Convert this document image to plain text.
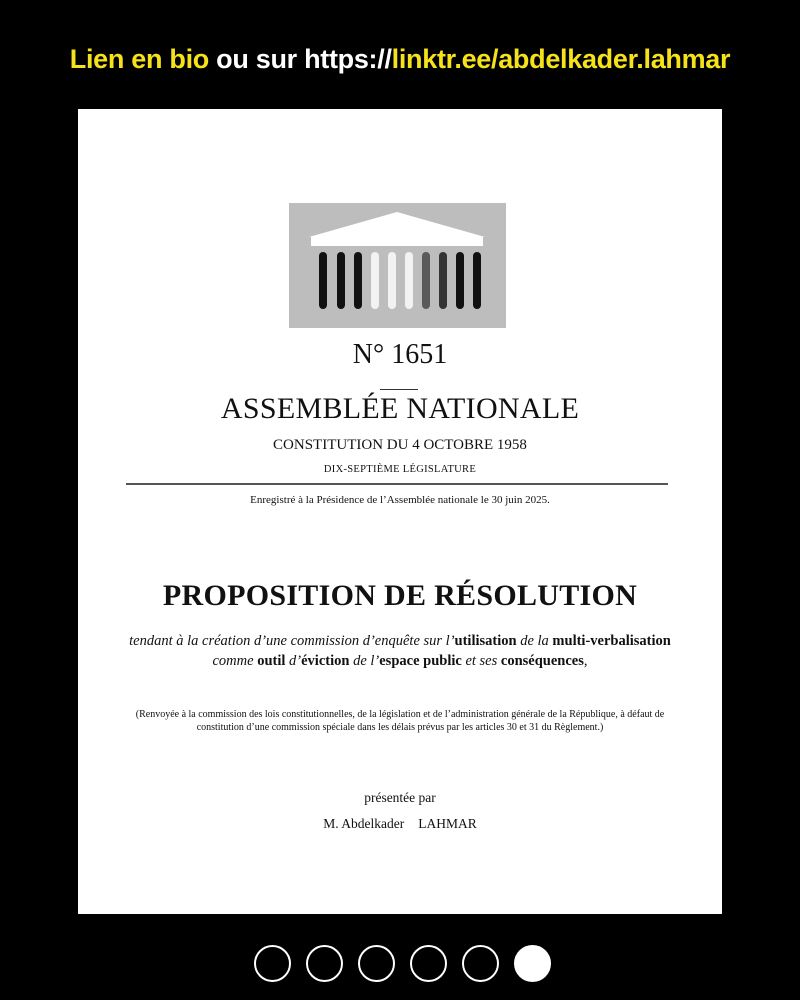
Lien en bio ou sur https://linktr.ee/abdelkader.lahmar
N° 1651
ASSEMBLÉE NATIONALE
CONSTITUTION DU 4 OCTOBRE 1958
DIX-SEPTIÈME LÉGISLATURE
Enregistré à la Présidence de l’Assemblée nationale le 30 juin 2025.
PROPOSITION DE RÉSOLUTION
tendant à la création d’une commission d’enquête sur l’utilisation de la multi-verbalisation comme outil d’éviction de l’espace public et ses conséquences,
(Renvoyée à la commission des lois constitutionnelles, de la législation et de l’administration générale de la République, à défaut de constitution d’une commission spéciale dans les délais prévus par les articles 30 et 31 du Règlement.)
présentée par
M. Abdelkader LAHMAR
